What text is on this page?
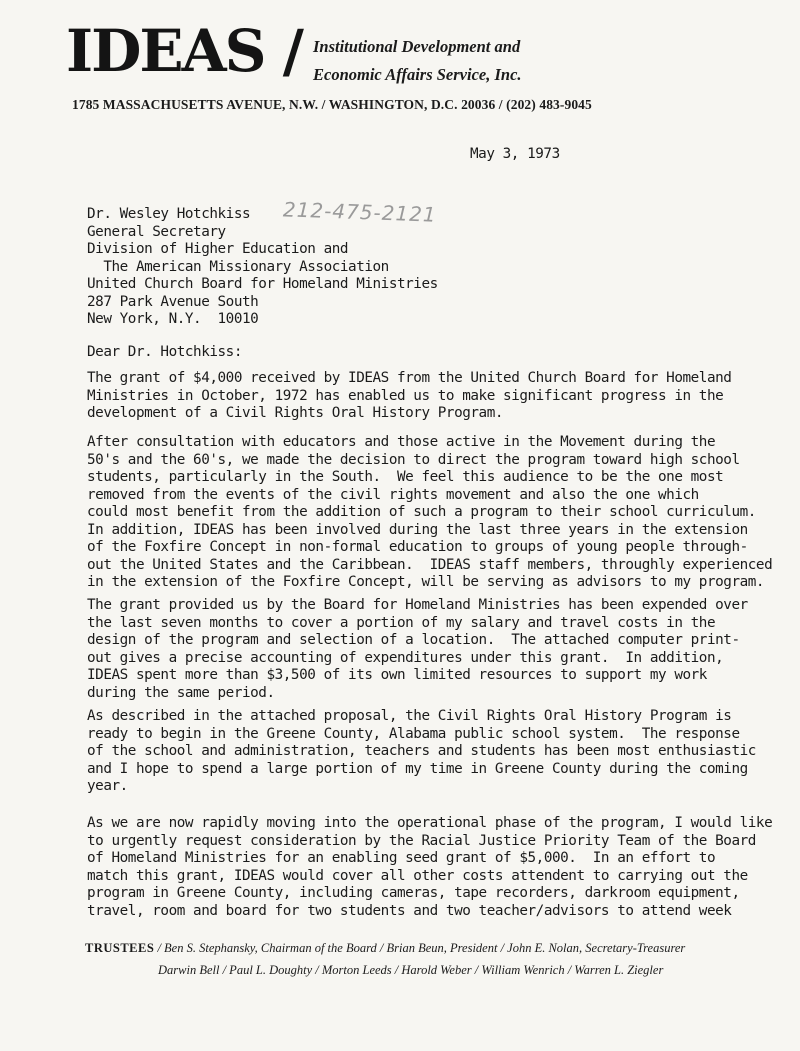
IDEAS / Institutional Development and
Economic Affairs Service, Inc.
1785 MASSACHUSETTS AVENUE, N.W. / WASHINGTON, D.C. 20036 / (202) 483-9045
May 3, 1973
212-475-2121
Dr. Wesley Hotchkiss
General Secretary
Division of Higher Education and
The American Missionary Association
United Church Board for Homeland Ministries
287 Park Avenue South
New York, N.Y.  10010
Dear Dr. Hotchkiss:
The grant of $4,000 received by IDEAS from the United Church Board for Homeland
Ministries in October, 1972 has enabled us to make significant progress in the
development of a Civil Rights Oral History Program.
After consultation with educators and those active in the Movement during the
50's and the 60's, we made the decision to direct the program toward high school
students, particularly in the South.  We feel this audience to be the one most
removed from the events of the civil rights movement and also the one which
could most benefit from the addition of such a program to their school curriculum.
In addition, IDEAS has been involved during the last three years in the extension
of the Foxfire Concept in non-formal education to groups of young people through-
out the United States and the Caribbean.  IDEAS staff members, throughly experienced
in the extension of the Foxfire Concept, will be serving as advisors to my program.
The grant provided us by the Board for Homeland Ministries has been expended over
the last seven months to cover a portion of my salary and travel costs in the
design of the program and selection of a location.  The attached computer print-
out gives a precise accounting of expenditures under this grant.  In addition,
IDEAS spent more than $3,500 of its own limited resources to support my work
during the same period.
As described in the attached proposal, the Civil Rights Oral History Program is
ready to begin in the Greene County, Alabama public school system.  The response
of the school and administration, teachers and students has been most enthusiastic
and I hope to spend a large portion of my time in Greene County during the coming
year.
As we are now rapidly moving into the operational phase of the program, I would like
to urgently request consideration by the Racial Justice Priority Team of the Board
of Homeland Ministries for an enabling seed grant of $5,000.  In an effort to
match this grant, IDEAS would cover all other costs attendent to carrying out the
program in Greene County, including cameras, tape recorders, darkroom equipment,
travel, room and board for two students and two teacher/advisors to attend week
TRUSTEES / Ben S. Stephansky, Chairman of the Board / Brian Beun, President / John E. Nolan, Secretary-Treasurer
Darwin Bell / Paul L. Doughty / Morton Leeds / Harold Weber / William Wenrich / Warren L. Ziegler
